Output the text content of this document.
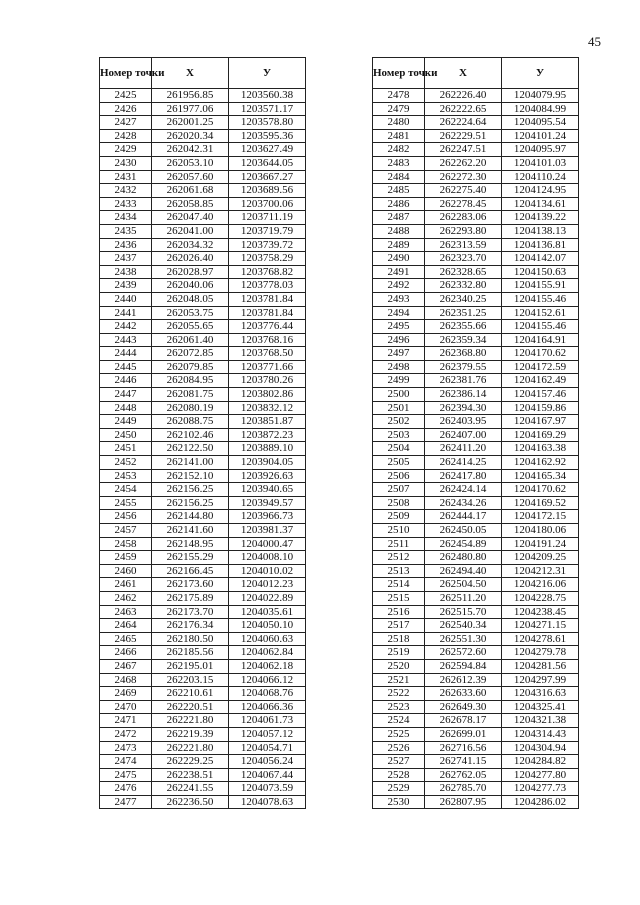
45
Номер точки	Х	У
2425	261956.85	1203560.38
2426	261977.06	1203571.17
2427	262001.25	1203578.80
2428	262020.34	1203595.36
2429	262042.31	1203627.49
2430	262053.10	1203644.05
2431	262057.60	1203667.27
2432	262061.68	1203689.56
2433	262058.85	1203700.06
2434	262047.40	1203711.19
2435	262041.00	1203719.79
2436	262034.32	1203739.72
2437	262026.40	1203758.29
2438	262028.97	1203768.82
2439	262040.06	1203778.03
2440	262048.05	1203781.84
2441	262053.75	1203781.84
2442	262055.65	1203776.44
2443	262061.40	1203768.16
2444	262072.85	1203768.50
2445	262079.85	1203771.66
2446	262084.95	1203780.26
2447	262081.75	1203802.86
2448	262080.19	1203832.12
2449	262088.75	1203851.87
2450	262102.46	1203872.23
2451	262122.50	1203889.10
2452	262141.00	1203904.05
2453	262152.10	1203926.63
2454	262156.25	1203940.65
2455	262156.25	1203949.57
2456	262144.80	1203966.73
2457	262141.60	1203981.37
2458	262148.95	1204000.47
2459	262155.29	1204008.10
2460	262166.45	1204010.02
2461	262173.60	1204012.23
2462	262175.89	1204022.89
2463	262173.70	1204035.61
2464	262176.34	1204050.10
2465	262180.50	1204060.63
2466	262185.56	1204062.84
2467	262195.01	1204062.18
2468	262203.15	1204066.12
2469	262210.61	1204068.76
2470	262220.51	1204066.36
2471	262221.80	1204061.73
2472	262219.39	1204057.12
2473	262221.80	1204054.71
2474	262229.25	1204056.24
2475	262238.51	1204067.44
2476	262241.55	1204073.59
2477	262236.50	1204078.63
Номер точки	Х	У
2478	262226.40	1204079.95
2479	262222.65	1204084.99
2480	262224.64	1204095.54
2481	262229.51	1204101.24
2482	262247.51	1204095.97
2483	262262.20	1204101.03
2484	262272.30	1204110.24
2485	262275.40	1204124.95
2486	262278.45	1204134.61
2487	262283.06	1204139.22
2488	262293.80	1204138.13
2489	262313.59	1204136.81
2490	262323.70	1204142.07
2491	262328.65	1204150.63
2492	262332.80	1204155.91
2493	262340.25	1204155.46
2494	262351.25	1204152.61
2495	262355.66	1204155.46
2496	262359.34	1204164.91
2497	262368.80	1204170.62
2498	262379.55	1204172.59
2499	262381.76	1204162.49
2500	262386.14	1204157.46
2501	262394.30	1204159.86
2502	262403.95	1204167.97
2503	262407.00	1204169.29
2504	262411.20	1204163.38
2505	262414.25	1204162.92
2506	262417.80	1204165.34
2507	262424.14	1204170.62
2508	262434.26	1204169.52
2509	262444.17	1204172.15
2510	262450.05	1204180.06
2511	262454.89	1204191.24
2512	262480.80	1204209.25
2513	262494.40	1204212.31
2514	262504.50	1204216.06
2515	262511.20	1204228.75
2516	262515.70	1204238.45
2517	262540.34	1204271.15
2518	262551.30	1204278.61
2519	262572.60	1204279.78
2520	262594.84	1204281.56
2521	262612.39	1204297.99
2522	262633.60	1204316.63
2523	262649.30	1204325.41
2524	262678.17	1204321.38
2525	262699.01	1204314.43
2526	262716.56	1204304.94
2527	262741.15	1204284.82
2528	262762.05	1204277.80
2529	262785.70	1204277.73
2530	262807.95	1204286.02
